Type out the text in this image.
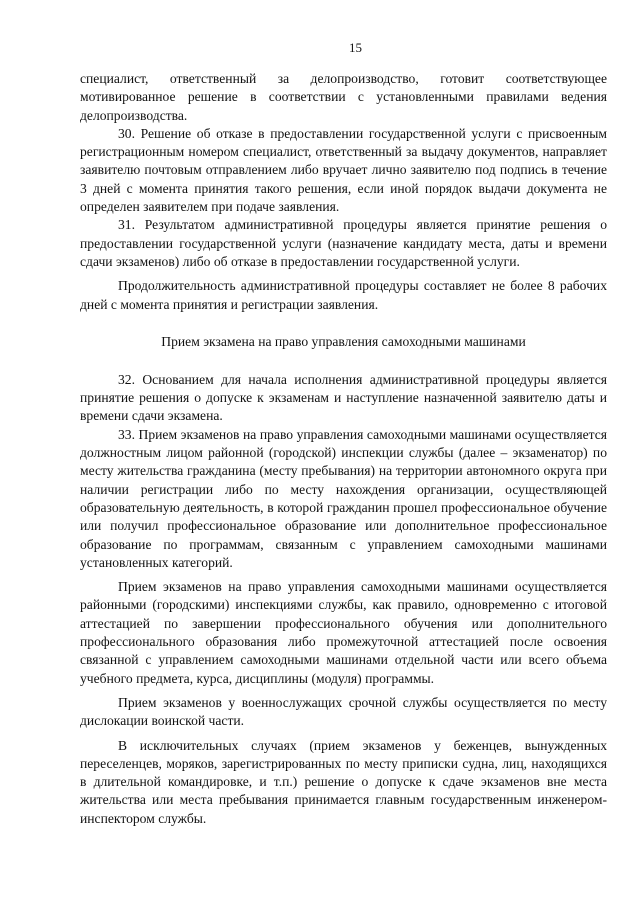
15

специалист, ответственный за делопроизводство, готовит соответствующее мотивированное решение в соответствии с установленными правилами ведения делопроизводства.

30. Решение об отказе в предоставлении государственной услуги с присвоенным регистрационным номером специалист, ответственный за выдачу документов, направляет заявителю почтовым отправлением либо вручает лично заявителю под подпись в течение 3 дней с момента принятия такого решения, если иной порядок выдачи документа не определен заявителем при подаче заявления.

31. Результатом административной процедуры является принятие решения о предоставлении государственной услуги (назначение кандидату места, даты и времени сдачи экзаменов) либо об отказе в предоставлении государственной услуги.

Продолжительность административной процедуры составляет не более 8 рабочих дней с момента принятия и регистрации заявления.

Прием экзамена на право управления самоходными машинами

32. Основанием для начала исполнения административной процедуры является принятие решения о допуске к экзаменам и наступление назначенной заявителю даты и времени сдачи экзамена.

33. Прием экзаменов на право управления самоходными машинами осуществляется должностным лицом районной (городской) инспекции службы (далее – экзаменатор) по месту жительства гражданина (месту пребывания) на территории автономного округа при наличии регистрации либо по месту нахождения организации, осуществляющей образовательную деятельность, в которой гражданин прошел профессиональное обучение или получил профессиональное образование или дополнительное профессиональное образование по программам, связанным с управлением самоходными машинами установленных категорий.

Прием экзаменов на право управления самоходными машинами осуществляется районными (городскими) инспекциями службы, как правило, одновременно с итоговой аттестацией по завершении профессионального обучения или дополнительного профессионального образования либо промежуточной аттестацией после освоения связанной с управлением самоходными машинами отдельной части или всего объема учебного предмета, курса, дисциплины (модуля) программы.

Прием экзаменов у военнослужащих срочной службы осуществляется по месту дислокации воинской части.

В исключительных случаях (прием экзаменов у беженцев, вынужденных переселенцев, моряков, зарегистрированных по месту приписки судна, лиц, находящихся в длительной командировке, и т.п.) решение о допуске к сдаче экзаменов вне места жительства или места пребывания принимается главным государственным инженером-инспектором службы.
